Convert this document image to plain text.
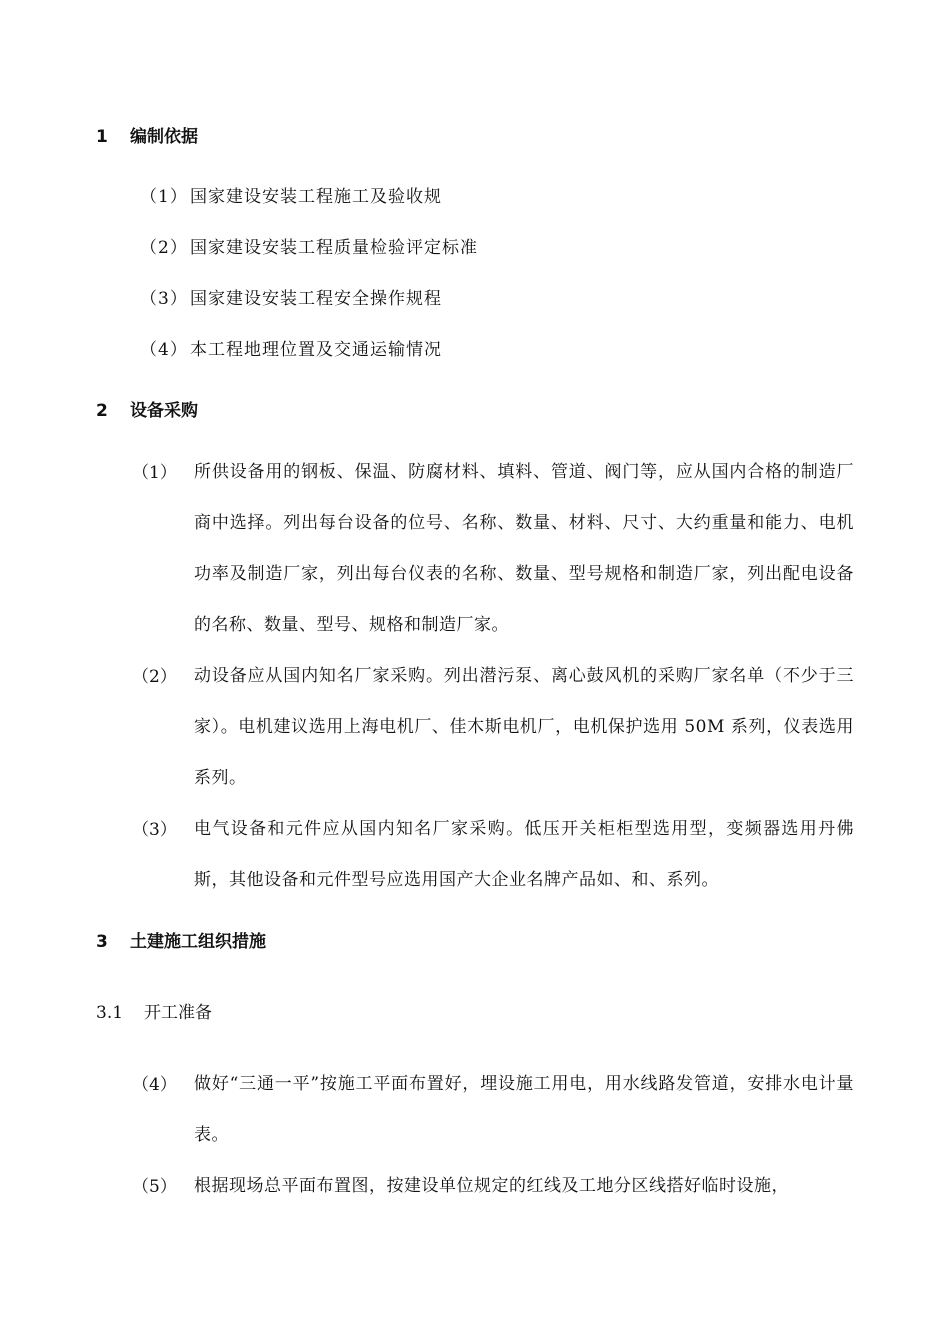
1 编制依据
（1） 国家建设安装工程施工及验收规
（2） 国家建设安装工程质量检验评定标准
（3） 国家建设安装工程安全操作规程
（4） 本工程地理位置及交通运输情况
2 设备采购
（1） 所供设备用的钢板、保温、防腐材料、填料、管道、阀门等，应从国内合格的制造厂商中选择。列出每台设备的位号、名称、数量、材料、尺寸、大约重量和能力、电机功率及制造厂家，列出每台仪表的名称、数量、型号规格和制造厂家，列出配电设备的名称、数量、型号、规格和制造厂家。
（2） 动设备应从国内知名厂家采购。列出潜污泵、离心鼓风机的采购厂家名单（不少于三家）。电机建议选用上海电机厂、佳木斯电机厂，电机保护选用 50M 系列，仪表选用系列。
（3） 电气设备和元件应从国内知名厂家采购。低压开关柜柜型选用型，变频器选用丹佛斯，其他设备和元件型号应选用国产大企业名牌产品如、和、系列。
3 土建施工组织措施
3.1 开工准备
（4） 做好“三通一平”按施工平面布置好，埋设施工用电，用水线路发管道，安排水电计量表。
（5） 根据现场总平面布置图，按建设单位规定的红线及工地分区线搭好临时设施，
